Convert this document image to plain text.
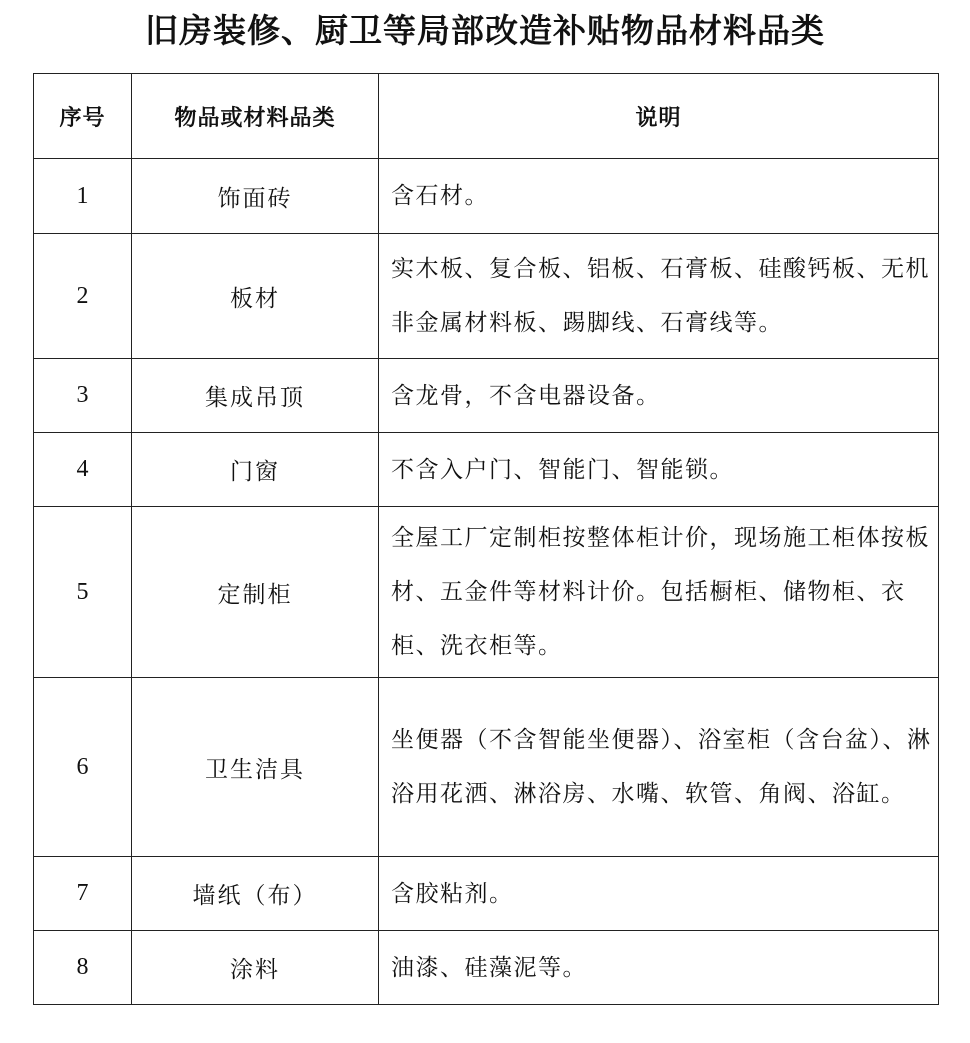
旧房装修、厨卫等局部改造补贴物品材料品类
序号	物品或材料品类	说明
1	饰面砖	含石材。
2	板材	实木板、复合板、铝板、石膏板、硅酸钙板、无机非金属材料板、踢脚线、石膏线等。
3	集成吊顶	含龙骨，不含电器设备。
4	门窗	不含入户门、智能门、智能锁。
5	定制柜	全屋工厂定制柜按整体柜计价，现场施工柜体按板材、五金件等材料计价。包括橱柜、储物柜、衣柜、洗衣柜等。
6	卫生洁具	坐便器（不含智能坐便器）、浴室柜（含台盆）、淋浴用花洒、淋浴房、水嘴、软管、角阀、浴缸。
7	墙纸（布）	含胶粘剂。
8	涂料	油漆、硅藻泥等。
